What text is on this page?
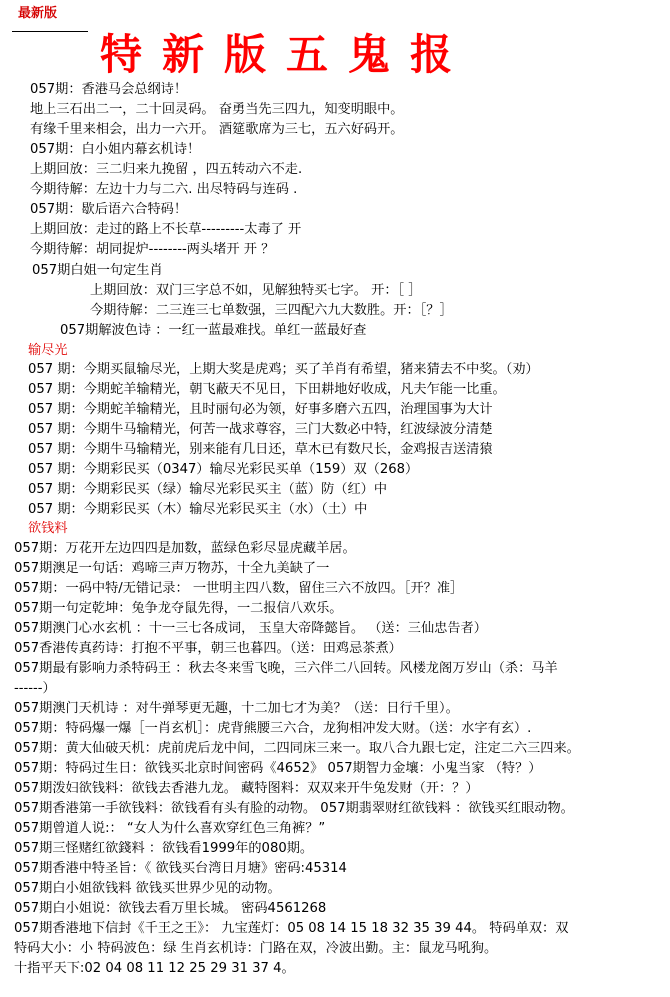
最新版
特新版五鬼报
057期：香港马会总纲诗！
地上三石出二一，二十回灵码。 奋勇当先三四九，知变明眼中。
有缘千里来相会，出力一六开。 酒筵歌席为三七，五六好码开。
057期：白小姐内幕玄机诗！
上期回放：三二归来九挽留 ，四五转动六不走.
今期待解：左边十力与二六. 出尽特码与连码 .
057期：歇后语六合特码！
上期回放：走过的路上不长草---------太毒了 开
今期待解：胡同捉炉--------两头堵开 开 ？
057期白姐一句定生肖
上期回放：双门三字总不如，见解独特买七字。 开：［ ］
今期待解：二三连三七单数强，三四配六九大数胜。开：［？］
057期解波色诗 ：一红一蓝最难找。单红一蓝最好查
输尽光
057 期：今期买鼠输尽光，上期大奖是虎鸡；买了羊肖有希望，猪来猜去不中奖。（劝）
057 期：今期蛇羊输精光，朝飞蔽天不见日，下田耕地好收成，凡夫乍能一比重。
057 期：今期蛇羊输精光，且时丽句必为领，好事多磨六五四，治理国事为大计
057 期：今期牛马输精光，何苦一战求尊容，三门大数必中特，红波绿波分清楚
057 期：今期牛马输精光，别来能有几日还，草木已有数尺长，金鸡报吉送清猿
057 期：今期彩民买（0347）输尽光彩民买单（159）双（268）
057 期：今期彩民买（绿）输尽光彩民买主（蓝）防（红）中
057 期：今期彩民买（木）输尽光彩民买主（水）（土）中
欲钱料
057期：万花开左边四四是加数，蓝绿色彩尽显虎藏羊居。
057期澳足一句话：鸡啼三声万物苏，十全九美缺了一
057期：一码中特/无错记录： 一世明主四八数，留住三六不放四。［开？准］
057期一句定乾坤：兔争龙夺鼠先得，一二报信八欢乐。
057期澳门心水玄机 ：十一三七各成词， 玉皇大帝降懿旨。 （送：三仙忠告者）
057香港传真药诗：打抱不平事，朝三也暮四。（送：田鸡忌茶煮）
057期最有影响力杀特码王 ：秋去冬来雪飞晚，三六伴二八回转。风楼龙阁万岁山（杀：马羊
------）
057期澳门天机诗 ：对牛弹琴更无趣，十二加七才为美？（送：日行千里）。
057期：特码爆一爆［一肖玄机］：虎背熊腰三六合，龙狗相冲发大财。（送：水字有玄）.
057期：黄大仙破天机：虎前虎后龙中间，二四同床三来一。取八合九跟七定，注定二六三四来。
057期：特码过生日：欲钱买北京时间密码《4652》 057期智力金壤：小鬼当家 （特？）
057期泼妇欲钱料：欲钱去香港九龙。 藏特图料：双双来开牛兔发财（开：？）
057期香港第一手欲钱料：欲钱看有头有脸的动物。 057期翡翠财红欲钱料 ：欲钱买红眼动物。
057期曾道人说:： “女人为什么喜欢穿红色三角裤？”
057期三怪赌红欲錢料 ：欲钱看1999年的080期。
057期香港中特圣旨：《 欲钱买台湾日月塘》密码:45314
057期白小姐欲钱料 欲钱买世界少见的动物。
057期白小姐说：欲钱去看万里长城。 密码4561268
057期香港地下信封《千王之王》： 九宝莲灯：05 08 14 15 18 32 35 39 44。 特码单双：双
特码大小：小 特码波色：绿 生肖玄机诗：门路在双，冷波出勤。主：鼠龙马吼狗。
十指平天下:02 04 08 11 12 25 29 31 37 4。
